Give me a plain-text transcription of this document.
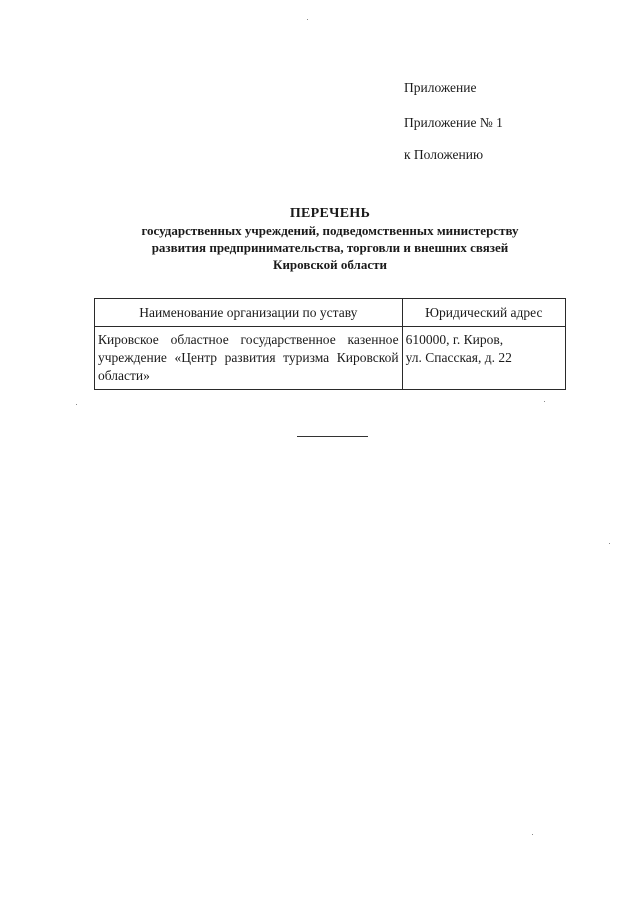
Приложение
Приложение № 1
к Положению
ПЕРЕЧЕНЬ
государственных учреждений, подведомственных министерству
развития предпринимательства, торговли и внешних связей
Кировской области
Наименование организации по уставу	Юридический адрес
Кировское областное государственное казенное учреждение «Центр развития туризма Кировской области»	610000, г. Киров,
ул. Спасская, д. 22
